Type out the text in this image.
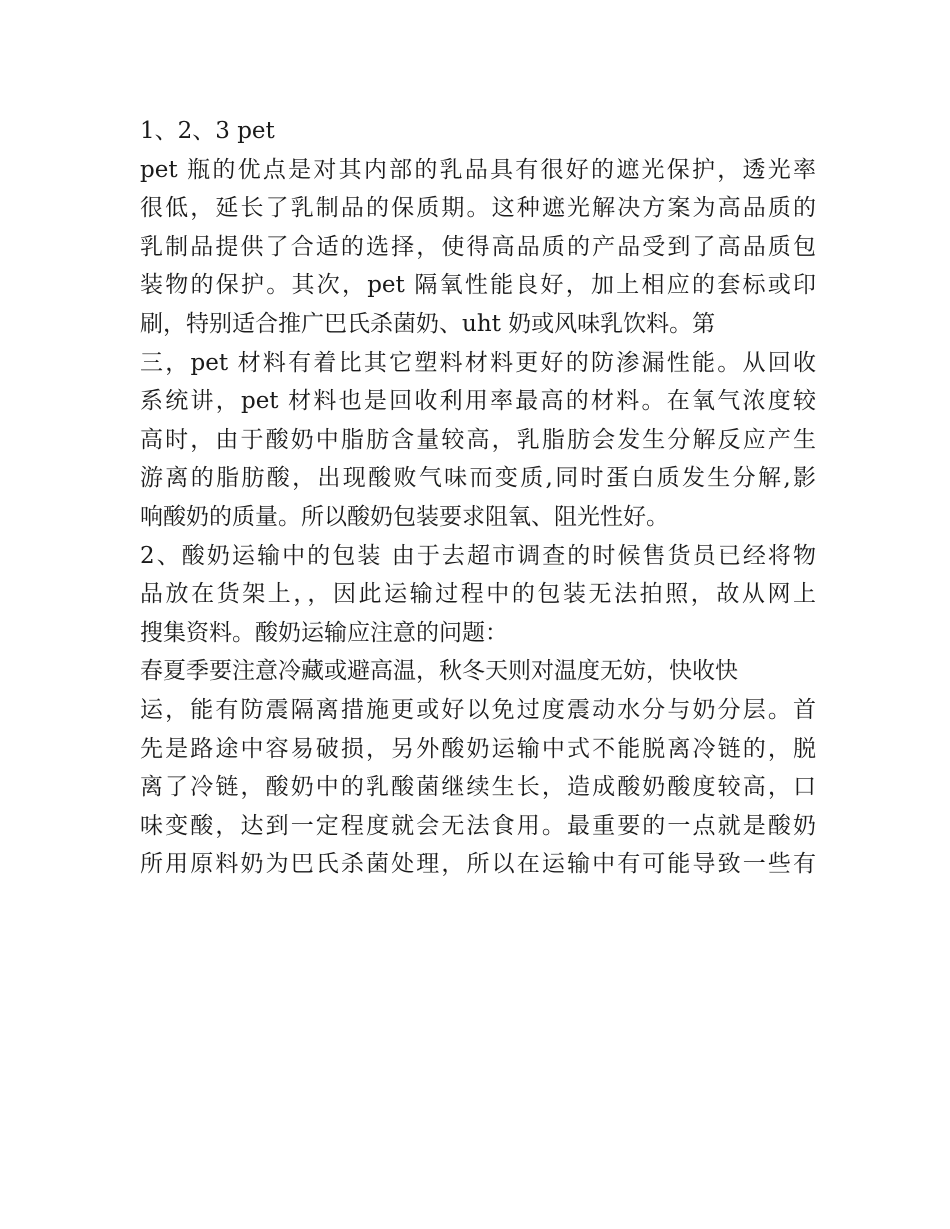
1、2、3 pet
pet 瓶的优点是对其内部的乳品具有很好的遮光保护，透光率
很低，延长了乳制品的保质期。这种遮光解决方案为高品质的
乳制品提供了合适的选择，使得高品质的产品受到了高品质包
装物的保护。其次，pet 隔氧性能良好，加上相应的套标或印
刷，特别适合推广巴氏杀菌奶、uht 奶或风味乳饮料。第
三，pet 材料有着比其它塑料材料更好的防渗漏性能。从回收
系统讲，pet 材料也是回收利用率最高的材料。在氧气浓度较
高时，由于酸奶中脂肪含量较高，乳脂肪会发生分解反应产生
游离的脂肪酸，出现酸败气味而变质,同时蛋白质发生分解,影
响酸奶的质量。所以酸奶包装要求阻氧、阻光性好。
2、酸奶运输中的包装 由于去超市调查的时候售货员已经将物
品放在货架上，，因此运输过程中的包装无法拍照，故从网上
搜集资料。酸奶运输应注意的问题：
春夏季要注意冷藏或避高温，秋冬天则对温度无妨，快收快
运，能有防震隔离措施更或好以免过度震动水分与奶分层。首
先是路途中容易破损，另外酸奶运输中式不能脱离冷链的，脱
离了冷链，酸奶中的乳酸菌继续生长，造成酸奶酸度较高，口
味变酸，达到一定程度就会无法食用。最重要的一点就是酸奶
所用原料奶为巴氏杀菌处理，所以在运输中有可能导致一些有
